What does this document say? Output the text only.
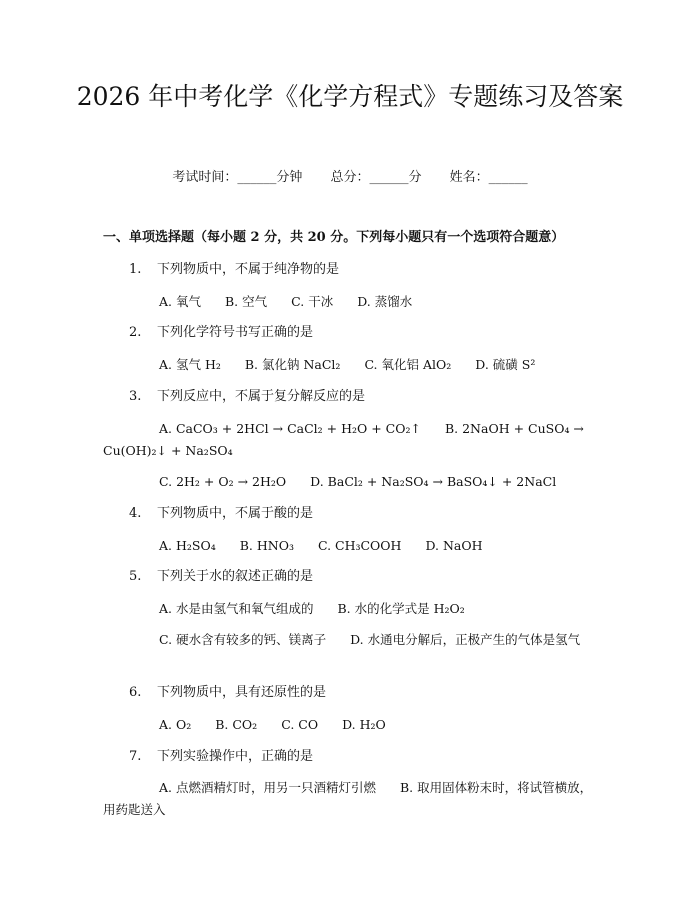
2026 年中考化学《化学方程式》专题练习及答案
考试时间：______分钟 总分：______分 姓名：______
一、单项选择题（每小题 2 分，共 20 分。下列每小题只有一个选项符合题意）
1. 下列物质中，不属于纯净物的是
A. 氧气 B. 空气 C. 干冰 D. 蒸馏水
2. 下列化学符号书写正确的是
A. 氢气 H₂ B. 氯化钠 NaCl₂ C. 氧化铝 AlO₂ D. 硫磺 S²
3. 下列反应中，不属于复分解反应的是
A. CaCO₃ + 2HCl → CaCl₂ + H₂O + CO₂↑ B. 2NaOH + CuSO₄ → Cu(OH)₂↓ + Na₂SO₄
C. 2H₂ + O₂ → 2H₂O D. BaCl₂ + Na₂SO₄ → BaSO₄↓ + 2NaCl
4. 下列物质中，不属于酸的是
A. H₂SO₄ B. HNO₃ C. CH₃COOH D. NaOH
5. 下列关于水的叙述正确的是
A. 水是由氢气和氧气组成的 B. 水的化学式是 H₂O₂
C. 硬水含有较多的钙、镁离子 D. 水通电分解后，正极产生的气体是氢气
6. 下列物质中，具有还原性的是
A. O₂ B. CO₂ C. CO D. H₂O
7. 下列实验操作中，正确的是
A. 点燃酒精灯时，用另一只酒精灯引燃 B. 取用固体粉末时，将试管横放，用药匙送入
